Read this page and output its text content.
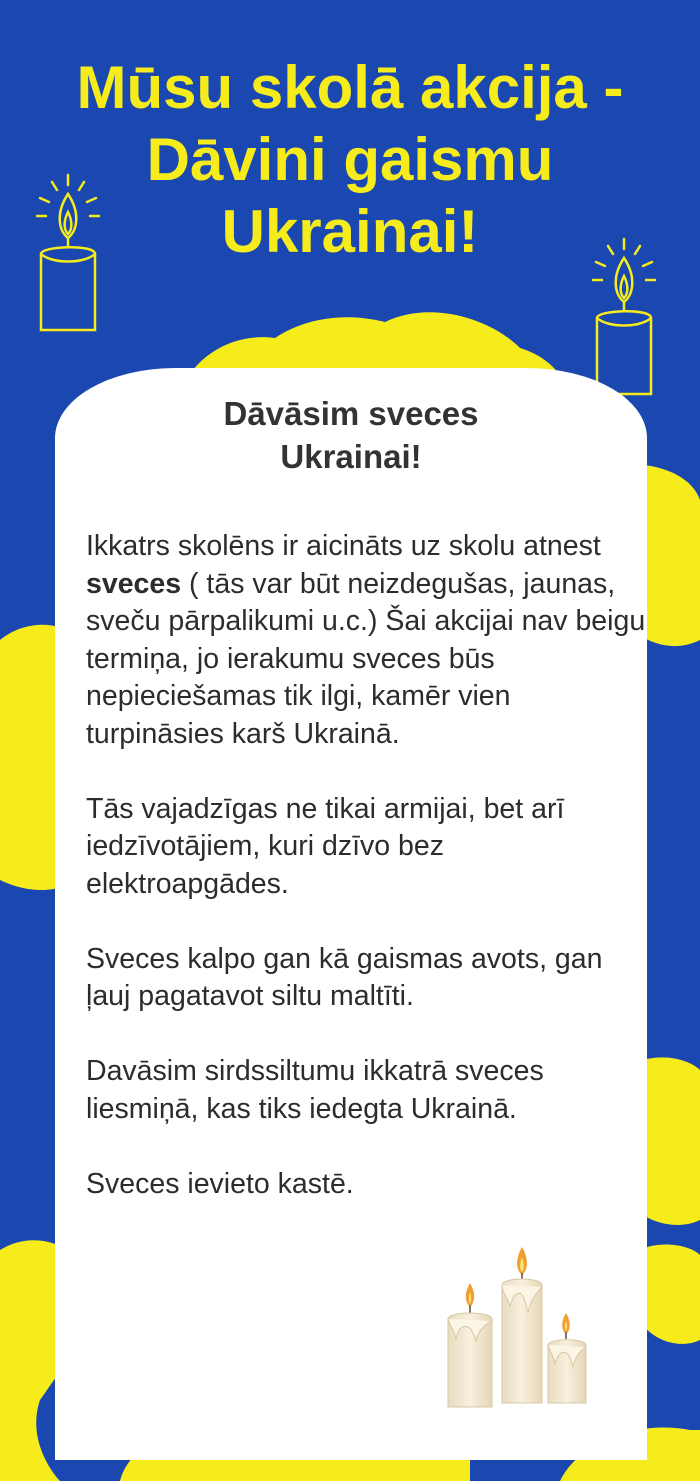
Mūsu skolā akcija -
Dāvini gaismu
Ukrainai!
Dāvāsim sveces
Ukrainai!

Ikkatrs skolēns ir aicināts uz skolu atnest sveces ( tās var būt neizdegušas, jaunas, sveču pārpalikumi u.c.) Šai akcijai nav beigu termiņa, jo ierakumu sveces būs nepieciešamas tik ilgi, kamēr vien turpināsies karš Ukrainā.

Tās vajadzīgas ne tikai armijai, bet arī iedzīvotājiem, kuri dzīvo bez elektroapgādes.

Sveces kalpo gan kā gaismas avots, gan ļauj pagatavot siltu maltīti.

Davāsim sirdssiltumu ikkatrā sveces liesmiņā, kas tiks iedegta Ukrainā.

Sveces ievieto kastē.
